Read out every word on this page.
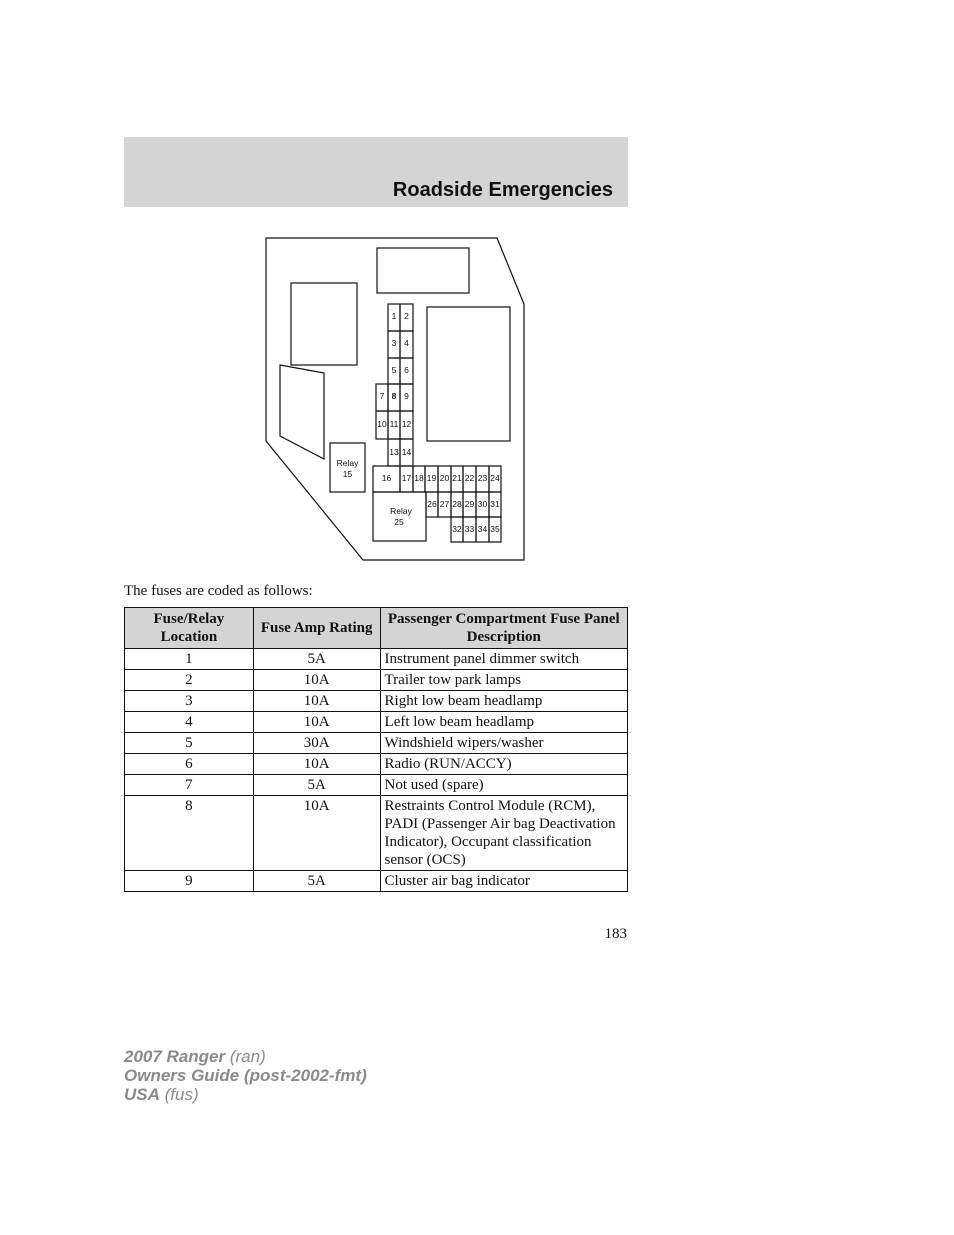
Roadside Emergencies
1 2
3 4
5 6
7 8 9
10 11 12
13 14
Relay
15	16 17 18 19 20 21 22 23 24
Relay
25
26 27 28 29 30 31
32 33 34 35
The fuses are coded as follows:
Fuse/Relay Location	Fuse Amp Rating	Passenger Compartment Fuse Panel Description
1	5A	Instrument panel dimmer switch
2	10A	Trailer tow park lamps
3	10A	Right low beam headlamp
4	10A	Left low beam headlamp
5	30A	Windshield wipers/washer
6	10A	Radio (RUN/ACCY)
7	5A	Not used (spare)
8	10A	Restraints Control Module (RCM), PADI (Passenger Air bag Deactivation Indicator), Occupant classification sensor (OCS)
9	5A	Cluster air bag indicator
183
2007 Ranger (ran)
Owners Guide (post-2002-fmt)
USA (fus)
